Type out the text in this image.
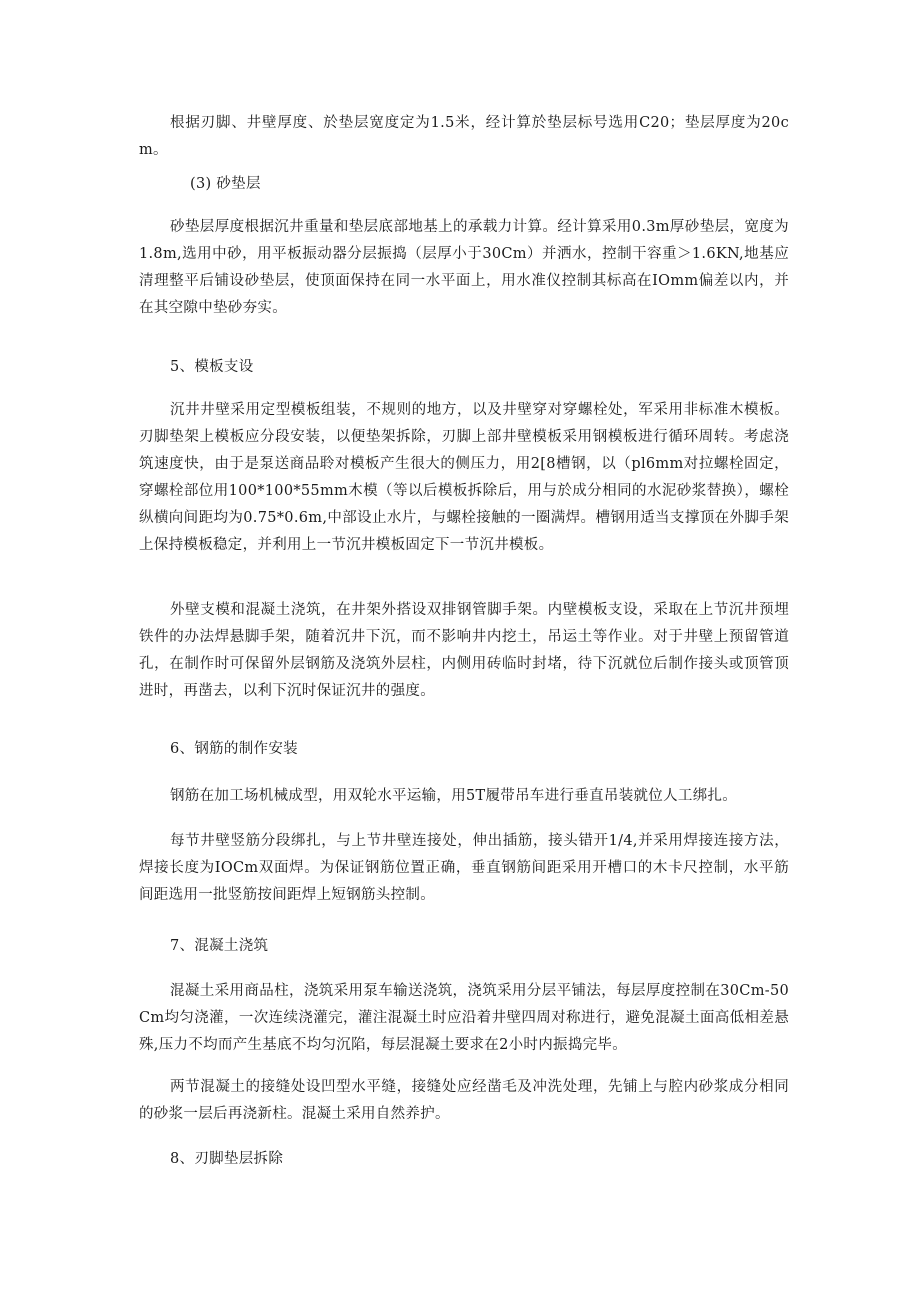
根据刃脚、井壁厚度、於垫层宽度定为1.5米，经计算於垫层标号选用C20；垫层厚度为20cm。

(3) 砂垫层

砂垫层厚度根据沉井重量和垫层底部地基上的承载力计算。经计算采用0.3m厚砂垫层，宽度为1.8m,选用中砂，用平板振动器分层振捣（层厚小于30Cm）并洒水，控制干容重＞1.6KN,地基应清理整平后铺设砂垫层，使顶面保持在同一水平面上，用水准仪控制其标高在IOmm偏差以内，并在其空隙中垫砂夯实。

5、模板支设

沉井井壁采用定型模板组装，不规则的地方，以及井壁穿对穿螺栓处，军采用非标准木模板。刃脚垫架上模板应分段安装，以便垫架拆除，刃脚上部井壁模板采用钢模板进行循环周转。考虑浇筑速度快，由于是泵送商品聆对模板产生很大的侧压力，用2[8槽钢，以（pl6mm对拉螺栓固定，穿螺栓部位用100*100*55mm木模（等以后模板拆除后，用与於成分相同的水泥砂浆替换），螺栓纵横向间距均为0.75*0.6m,中部设止水片，与螺栓接触的一圈满焊。槽钢用适当支撑顶在外脚手架上保持模板稳定，并利用上一节沉井模板固定下一节沉井模板。

外壁支模和混凝土浇筑，在井架外搭设双排钢管脚手架。内壁模板支设，采取在上节沉井预埋铁件的办法焊悬脚手架，随着沉井下沉，而不影响井内挖土，吊运土等作业。对于井壁上预留管道孔，在制作时可保留外层钢筋及浇筑外层柱，内侧用砖临时封堵，待下沉就位后制作接头或顶管顶进时，再凿去，以利下沉时保证沉井的强度。

6、钢筋的制作安装

钢筋在加工场机械成型，用双轮水平运输，用5T履带吊车进行垂直吊装就位人工绑扎。

每节井壁竖筋分段绑扎，与上节井壁连接处，伸出插筋，接头错开1/4,并采用焊接连接方法，焊接长度为IOCm双面焊。为保证钢筋位置正确，垂直钢筋间距采用开槽口的木卡尺控制，水平筋间距选用一批竖筋按间距焊上短钢筋头控制。

7、混凝土浇筑

混凝土采用商品柱，浇筑采用泵车输送浇筑，浇筑采用分层平铺法，每层厚度控制在30Cm-50Cm均匀浇灌，一次连续浇灌完，灌注混凝土时应沿着井壁四周对称进行，避免混凝土面高低相差悬殊,压力不均而产生基底不均匀沉陷，每层混凝土要求在2小时内振捣完毕。

两节混凝土的接缝处设凹型水平缝，接缝处应经凿毛及冲洗处理，先铺上与腔内砂浆成分相同的砂浆一层后再浇新柱。混凝土采用自然养护。

8、刃脚垫层拆除
